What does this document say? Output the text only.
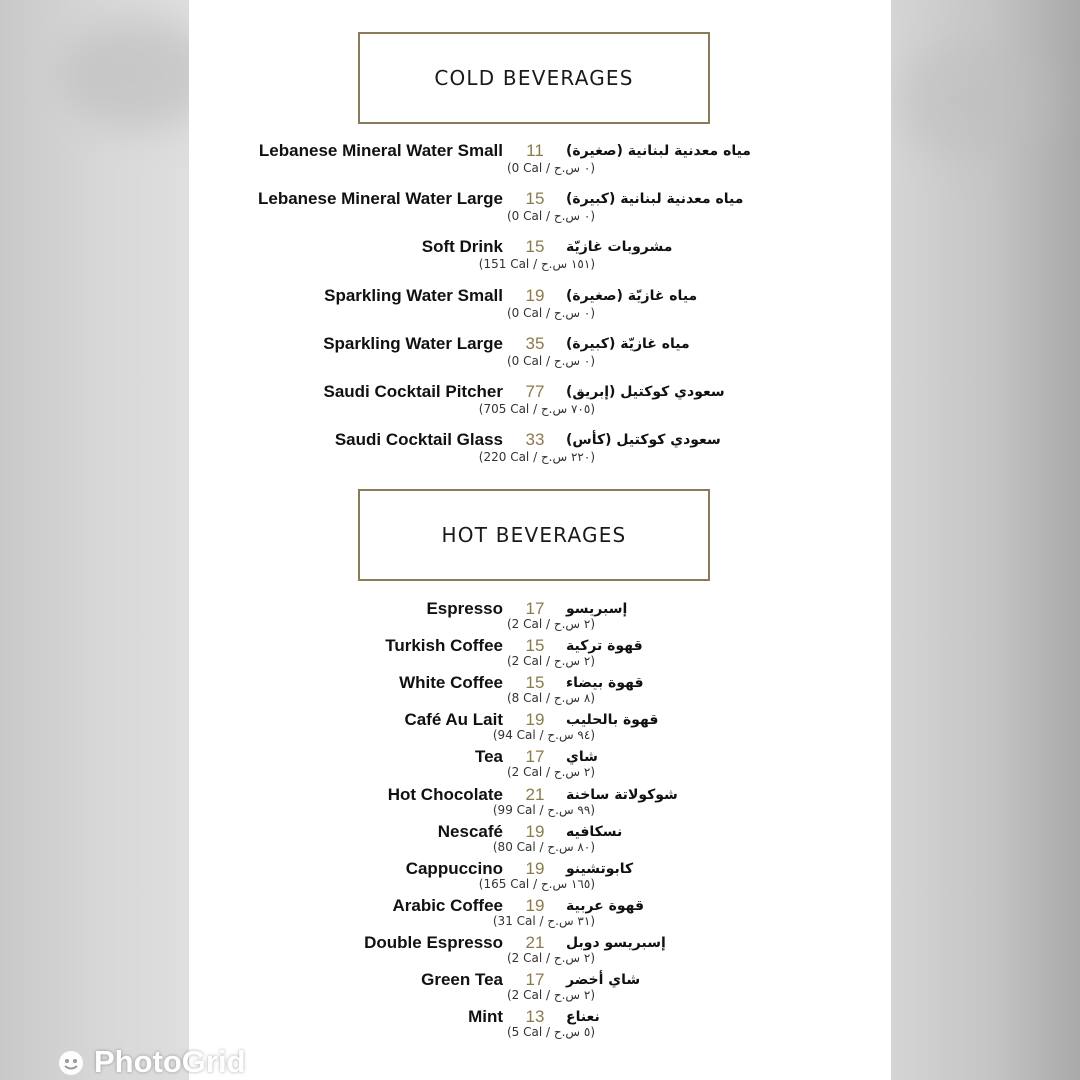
COLD BEVERAGES
Lebanese Mineral Water Small 11 مياه معدنية لبنانية (صغيرة)
(0 Cal / ٠ س.ح)
Lebanese Mineral Water Large 15 مياه معدنية لبنانية (كبيرة)
(0 Cal / ٠ س.ح)
Soft Drink 15 مشروبات غازيّة
(151 Cal / ١٥١ س.ح)
Sparkling Water Small 19 مياه غازيّة (صغيرة)
(0 Cal / ٠ س.ح)
Sparkling Water Large 35 مياه غازيّة (كبيرة)
(0 Cal / ٠ س.ح)
Saudi Cocktail Pitcher 77 سعودي كوكتيل (إبريق)
(705 Cal / ٧٠٥ س.ح)
Saudi Cocktail Glass 33 سعودي كوكتيل (كأس)
(220 Cal / ٢٢٠ س.ح)
HOT BEVERAGES
Espresso 17 إسبريسو
(2 Cal / ٢ س.ح)
Turkish Coffee 15 قهوة تركية
(2 Cal / ٢ س.ح)
White Coffee 15 قهوة بيضاء
(8 Cal / ٨ س.ح)
Café Au Lait 19 قهوة بالحليب
(94 Cal / ٩٤ س.ح)
Tea 17 شاي
(2 Cal / ٢ س.ح)
Hot Chocolate 21 شوكولاتة ساخنة
(99 Cal / ٩٩ س.ح)
Nescafé 19 نسكافيه
(80 Cal / ٨٠ س.ح)
Cappuccino 19 كابوتشينو
(165 Cal / ١٦٥ س.ح)
Arabic Coffee 19 قهوة عربية
(31 Cal / ٣١ س.ح)
Double Espresso 21 إسبريسو دوبل
(2 Cal / ٢ س.ح)
Green Tea 17 شاي أخضر
(2 Cal / ٢ س.ح)
Mint 13 نعناع
(5 Cal / ٥ س.ح)
PhotoGrid
